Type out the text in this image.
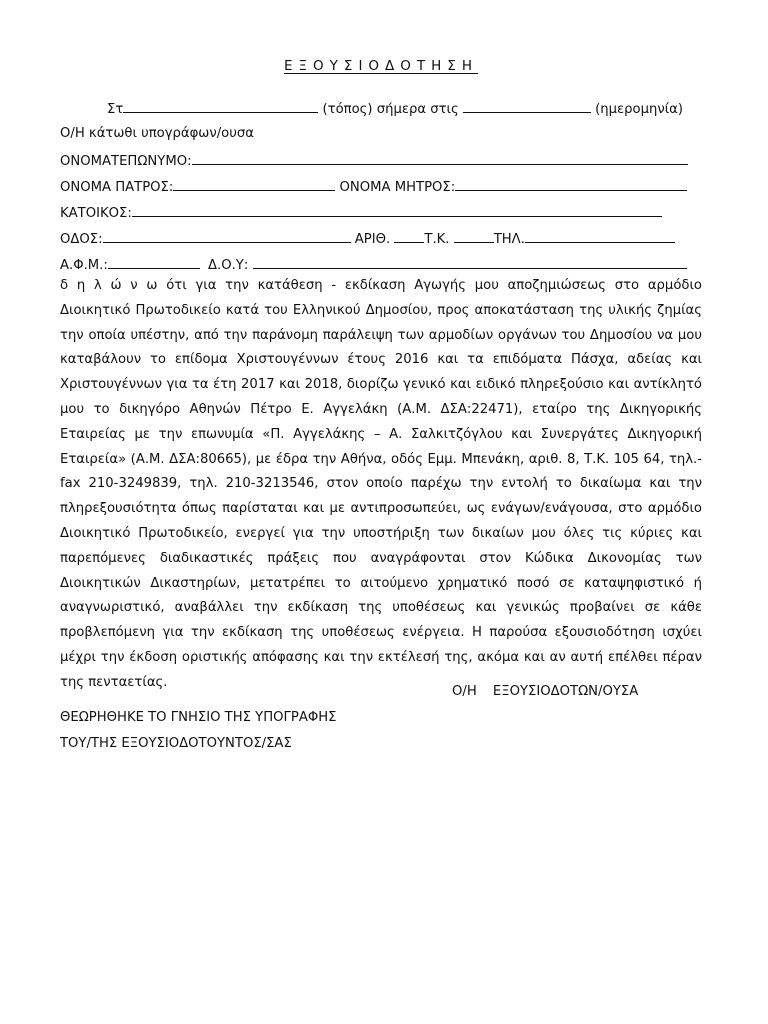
ΕΞΟΥΣΙΟΔΟΤΗΣΗ
Στ	(τόπος) σήμερα στις	(ημερομηνία)
Ο/Η κάτωθι υπογράφων/ουσα
ΟΝΟΜΑΤΕΠΩΝΥΜΟ:
ΟΝΟΜΑ ΠΑΤΡΟΣ:	ΟΝΟΜΑ ΜΗΤΡΟΣ:
ΚΑΤΟΙΚΟΣ:
ΟΔΟΣ:	ΑΡΙΘ.	Τ.Κ.	ΤΗΛ.
Α.Φ.Μ.:	Δ.Ο.Υ:

δ η λ ώ ν ω ότι για την κατάθεση - εκδίκαση Αγωγής μου αποζημιώσεως στο αρμόδιο Διοικητικό Πρωτοδικείο κατά του Ελληνικού Δημοσίου, προς αποκατάσταση της υλικής ζημίας την οποία υπέστην, από την παράνομη παράλειψη των αρμοδίων οργάνων του Δημοσίου να μου καταβάλουν το επίδομα Χριστουγέννων έτους 2016 και τα επιδόματα Πάσχα, αδείας και Χριστουγέννων για τα έτη 2017 και 2018, διορίζω γενικό και ειδικό πληρεξούσιο και αντίκλητό μου το δικηγόρο Αθηνών Πέτρο Ε. Αγγελάκη (Α.Μ. ΔΣΑ:22471), εταίρο της Δικηγορικής Εταιρείας με την επωνυμία «Π. Αγγελάκης – Α. Σαλκιτζόγλου και Συνεργάτες Δικηγορική Εταιρεία» (Α.Μ. ΔΣΑ:80665), με έδρα την Αθήνα, οδός Εμμ. Μπενάκη, αριθ. 8, Τ.Κ. 105 64, τηλ.-fax 210-3249839, τηλ. 210-3213546, στον οποίο παρέχω την εντολή το δικαίωμα και την πληρεξουσιότητα όπως παρίσταται και με αντιπροσωπεύει, ως ενάγων/ενάγουσα, στο αρμόδιο Διοικητικό Πρωτοδικείο, ενεργεί για την υποστήριξη των δικαίων μου όλες τις κύριες και παρεπόμενες διαδικαστικές πράξεις που αναγράφονται στον Κώδικα Δικονομίας των Διοικητικών Δικαστηρίων, μετατρέπει το αιτούμενο χρηματικό ποσό σε καταψηφιστικό ή αναγνωριστικό, αναβάλλει την εκδίκαση της υποθέσεως και γενικώς προβαίνει σε κάθε προβλεπόμενη για την εκδίκαση της υποθέσεως ενέργεια. Η παρούσα εξουσιοδότηση ισχύει μέχρι την έκδοση οριστικής απόφασης και την εκτέλεσή της, ακόμα και αν αυτή επέλθει πέραν της πενταετίας.

Ο/Η ΕΞΟΥΣΙΟΔΟΤΩΝ/ΟΥΣΑ
ΘΕΩΡΗΘΗΚΕ ΤΟ ΓΝΗΣΙΟ ΤΗΣ ΥΠΟΓΡΑΦΗΣ
ΤΟΥ/ΤΗΣ ΕΞΟΥΣΙΟΔΟΤΟΥΝΤΟΣ/ΣΑΣ
